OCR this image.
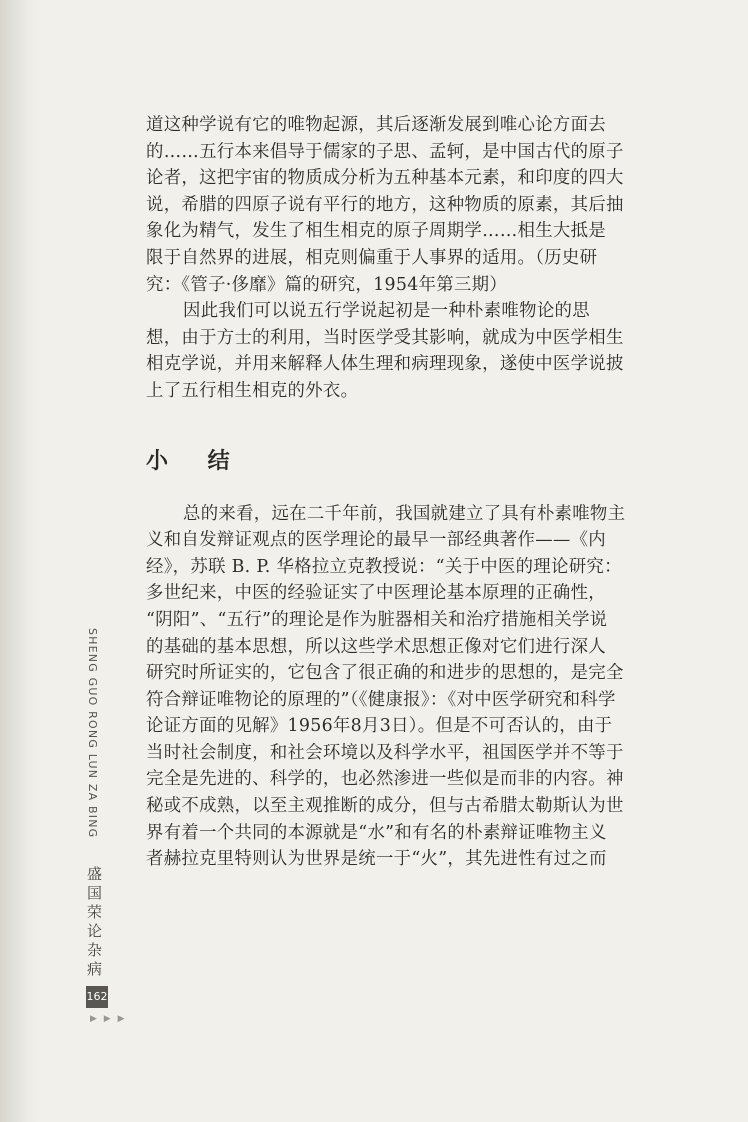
道这种学说有它的唯物起源，其后逐渐发展到唯心论方面去
的……五行本来倡导于儒家的子思、孟轲，是中国古代的原子
论者，这把宇宙的物质成分析为五种基本元素，和印度的四大
说，希腊的四原子说有平行的地方，这种物质的原素，其后抽
象化为精气，发生了相生相克的原子周期学……相生大抵是
限于自然界的进展，相克则偏重于人事界的适用。（历史研
究：《管子·侈靡》篇的研究，1954年第三期）
因此我们可以说五行学说起初是一种朴素唯物论的思
想，由于方士的利用，当时医学受其影响，就成为中医学相生
相克学说，并用来解释人体生理和病理现象，遂使中医学说披
上了五行相生相克的外衣。
小 结
总的来看，远在二千年前，我国就建立了具有朴素唯物主
义和自发辩证观点的医学理论的最早一部经典著作——《内
经》，苏联 B. P. 华格拉立克教授说：“关于中医的理论研究：
多世纪来，中医的经验证实了中医理论基本原理的正确性，
“阴阳”、“五行”的理论是作为脏器相关和治疗措施相关学说
的基础的基本思想，所以这些学术思想正像对它们进行深人
研究时所证实的，它包含了很正确的和进步的思想的，是完全
符合辩证唯物论的原理的”（《健康报》：《对中医学研究和科学
论证方面的见解》1956年8月3日）。但是不可否认的，由于
当时社会制度，和社会环境以及科学水平，祖国医学并不等于
完全是先进的、科学的，也必然渗进一些似是而非的内容。神
秘或不成熟，以至主观推断的成分，但与古希腊太勒斯认为世
界有着一个共同的本源就是“水”和有名的朴素辩证唯物主义
者赫拉克里特则认为世界是统一于“火”，其先进性有过之而
SHENG GUO RONG LUN ZA BING
盛国荣论杂病
162
▶ ▶ ▶
